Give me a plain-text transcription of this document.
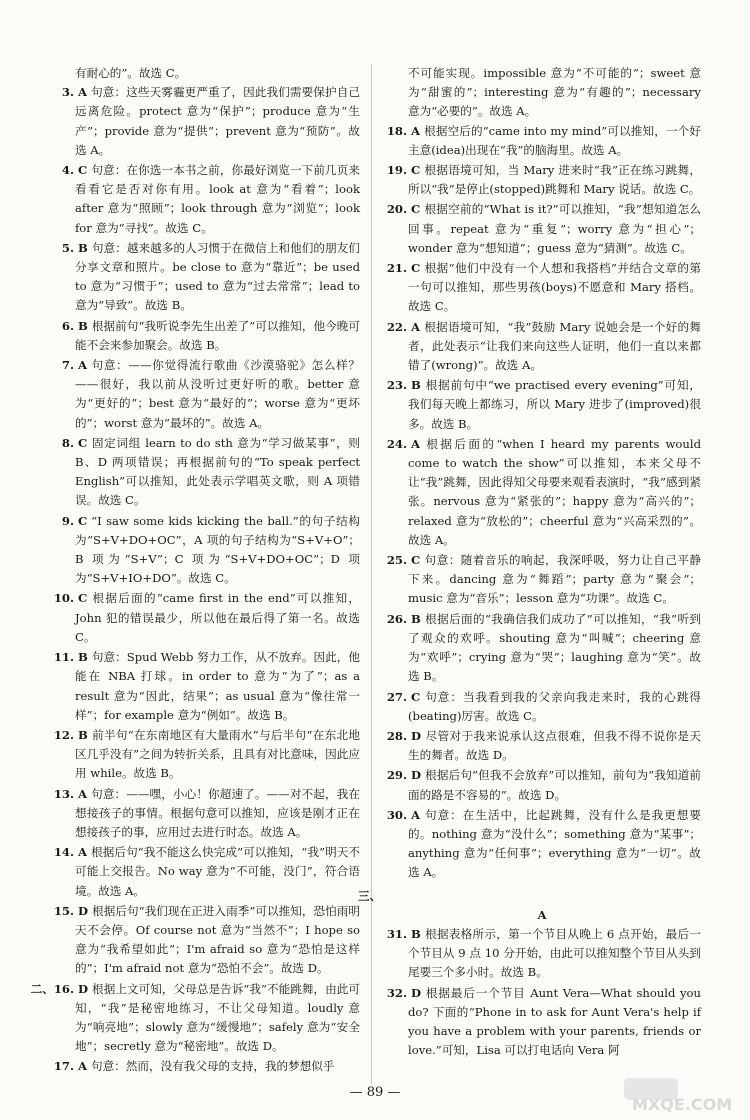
有耐心的”。故选 C。
3. A 句意：这些天雾霾更严重了，因此我们需要保护自己远离危险。protect 意为“保护”；produce 意为“生产”；provide 意为“提供”；prevent 意为“预防”。故选 A。
4. C 句意：在你选一本书之前，你最好浏览一下前几页来看看它是否对你有用。look at 意为“看着”；look after 意为“照顾”；look through 意为“浏览”；look for 意为“寻找”。故选 C。
5. B 句意：越来越多的人习惯于在微信上和他们的朋友们分享文章和照片。be close to 意为“靠近”；be used to 意为“习惯于”；used to 意为“过去常常”；lead to 意为“导致”。故选 B。
6. B 根据前句“我听说李先生出差了”可以推知，他今晚可能不会来参加聚会。故选 B。
7. A 句意：——你觉得流行歌曲《沙漠骆驼》怎么样？——很好，我以前从没听过更好听的歌。better 意为“更好的”；best 意为“最好的”；worse 意为“更坏的”；worst 意为“最坏的”。故选 A。
8. C 固定词组 learn to do sth 意为“学习做某事”，则 B、D 两项错误；再根据前句的“To speak perfect English”可以推知，此处表示学唱英文歌，则 A 项错误。故选 C。
9. C “I saw some kids kicking the ball.”的句子结构为“S+V+DO+OC”，A 项的句子结构为“S+V+O”；B 项为“S+V”；C 项为“S+V+DO+OC”；D 项为“S+V+IO+DO”。故选 C。
10. C 根据后面的“came first in the end”可以推知，John 犯的错误最少，所以他在最后得了第一名。故选 C。
11. B 句意：Spud Webb 努力工作，从不放弃。因此，他能在 NBA 打球。in order to 意为“为了”；as a result 意为“因此，结果”；as usual 意为“像往常一样”；for example 意为“例如”。故选 B。
12. B 前半句“在东南地区有大量雨水”与后半句“在东北地区几乎没有”之间为转折关系，且具有对比意味，因此应用 while。故选 B。
13. A 句意：——嘿，小心！你超速了。——对不起，我在想接孩子的事情。根据句意可以推知，应该是刚才正在想接孩子的事，应用过去进行时态。故选 A。
14. A 根据后句“我不能这么快完成”可以推知，“我”明天不可能上交报告。No way 意为“不可能，没门”，符合语境。故选 A。
15. D 根据后句“我们现在正进入雨季”可以推知，恐怕雨明天不会停。Of course not 意为“当然不”；I hope so 意为“我希望如此”；I'm afraid so 意为“恐怕是这样的”；I'm afraid not 意为“恐怕不会”。故选 D。
二、16. D 根据上文可知，父母总是告诉“我”不能跳舞，由此可知，“我”是秘密地练习，不让父母知道。loudly 意为“响亮地”；slowly 意为“缓慢地”；safely 意为“安全地”；secretly 意为“秘密地”。故选 D。
17. A 句意：然而，没有我父母的支持，我的梦想似乎
不可能实现。impossible 意为“不可能的”；sweet 意为“甜蜜的”；interesting 意为“有趣的”；necessary 意为“必要的”。故选 A。
18. A 根据空后的“came into my mind”可以推知，一个好主意(idea)出现在“我”的脑海里。故选 A。
19. C 根据语境可知，当 Mary 进来时“我”正在练习跳舞，所以“我”是停止(stopped)跳舞和 Mary 说话。故选 C。
20. C 根据空前的“What is it?”可以推知，“我”想知道怎么回事。repeat 意为“重复”；worry 意为“担心”；wonder 意为“想知道”；guess 意为“猜测”。故选 C。
21. C 根据“他们中没有一个人想和我搭档”并结合文章的第一句可以推知，那些男孩(boys)不愿意和 Mary 搭档。故选 C。
22. A 根据语境可知，“我”鼓励 Mary 说她会是一个好的舞者，此处表示“让我们来向这些人证明，他们一直以来都错了(wrong)”。故选 A。
23. B 根据前句中“we practised every evening”可知，我们每天晚上都练习，所以 Mary 进步了(improved)很多。故选 B。
24. A 根据后面的“when I heard my parents would come to watch the show”可以推知，本来父母不让“我”跳舞，因此得知父母要来观看表演时，“我”感到紧张。nervous 意为“紧张的”；happy 意为“高兴的”；relaxed 意为“放松的”；cheerful 意为“兴高采烈的”。故选 A。
25. C 句意：随着音乐的响起，我深呼吸，努力让自己平静下来。dancing 意为“舞蹈”；party 意为“聚会”；music 意为“音乐”；lesson 意为“功课”。故选 C。
26. B 根据后面的“我确信我们成功了”可以推知，“我”听到了观众的欢呼。shouting 意为“叫喊”；cheering 意为“欢呼”；crying 意为“哭”；laughing 意为“笑”。故选 B。
27. C 句意：当我看到我的父亲向我走来时，我的心跳得(beating)厉害。故选 C。
28. D 尽管对于我来说承认这点很难，但我不得不说你是天生的舞者。故选 D。
29. D 根据后句“但我不会放弃”可以推知，前句为“我知道前面的路是不容易的”。故选 D。
30. A 句意：在生活中，比起跳舞，没有什么是我更想要的。nothing 意为“没什么”；something 意为“某事”；anything 意为“任何事”；everything 意为“一切”。故选 A。
三、
A
31. B 根据表格所示，第一个节目从晚上 6 点开始，最后一个节目从 9 点 10 分开始，由此可以推知整个节目从头到尾要三个多小时。故选 B。
32. D 根据最后一个节目 Aunt Vera—What should you do? 下面的“Phone in to ask for Aunt Vera's help if you have a problem with your parents, friends or love.”可知，Lisa 可以打电话向 Vera 阿
— 89 —
MXQE.COM
